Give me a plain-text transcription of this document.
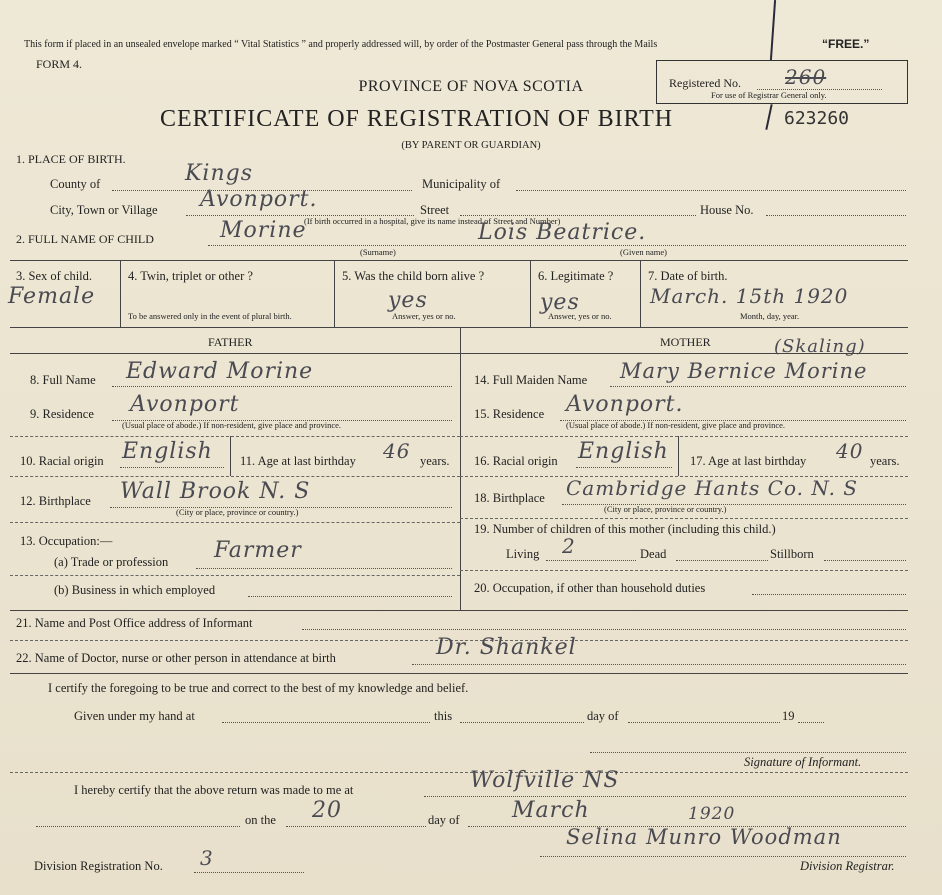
This form if placed in an unsealed envelope marked “ Vital Statistics ” and properly addressed will, by order of the Postmaster General pass through the Mails	“FREE.”
FORM 4.
PROVINCE OF NOVA SCOTIA
CERTIFICATE OF REGISTRATION OF BIRTH
(BY PARENT OR GUARDIAN)
Registered No. 260
For use of Registrar General only.
623260
1. PLACE OF BIRTH.
County of	Kings	Municipality of
City, Town or Village Avonport.	Street	House No.
(If birth occurred in a hospital, give its name instead of Street and Number)
2. FULL NAME OF CHILD	Morine	Lois Beatrice.
(Surname)	(Given name)
3. Sex of child.
Female
4. Twin, triplet or other ?
To be answered only in the event of plural birth.
5. Was the child born alive ?
yes
Answer, yes or no.
6. Legitimate ?
yes
Answer, yes or no.
7. Date of birth.
March. 15th 1920
Month, day, year.
FATHER	MOTHER
8. Full Name Edward Morine
9. Residence Avonport
(Usual place of abode.) If non-resident, give place and province.
10. Racial origin English 11. Age at last birthday 46 years.
12. Birthplace Wall Brook N. S
(City or place, province or country.)
13. Occupation:—
(a) Trade or profession Farmer
(b) Business in which employed
14. Full Maiden Name Mary Bernice Morine
(Skaling)
15. Residence Avonport.
(Usual place of abode.) If non-resident, give place and province.
16. Racial origin English 17. Age at last birthday 40 years.
18. Birthplace Cambridge Hants Co. N. S
(City or place, province or country.)
19. Number of children of this mother (including this child.)
Living 2	Dead	Stillborn
20. Occupation, if other than household duties
21. Name and Post Office address of Informant
22. Name of Doctor, nurse or other person in attendance at birth	Dr. Shankel
I certify the foregoing to be true and correct to the best of my knowledge and belief.
Given under my hand at	this	day of	19
Signature of Informant.
I hereby certify that the above return was made to me at	Wolfville NS
on the 20	day of March	1920
Division Registration No. 3
Selina Munro Woodman
Division Registrar.
